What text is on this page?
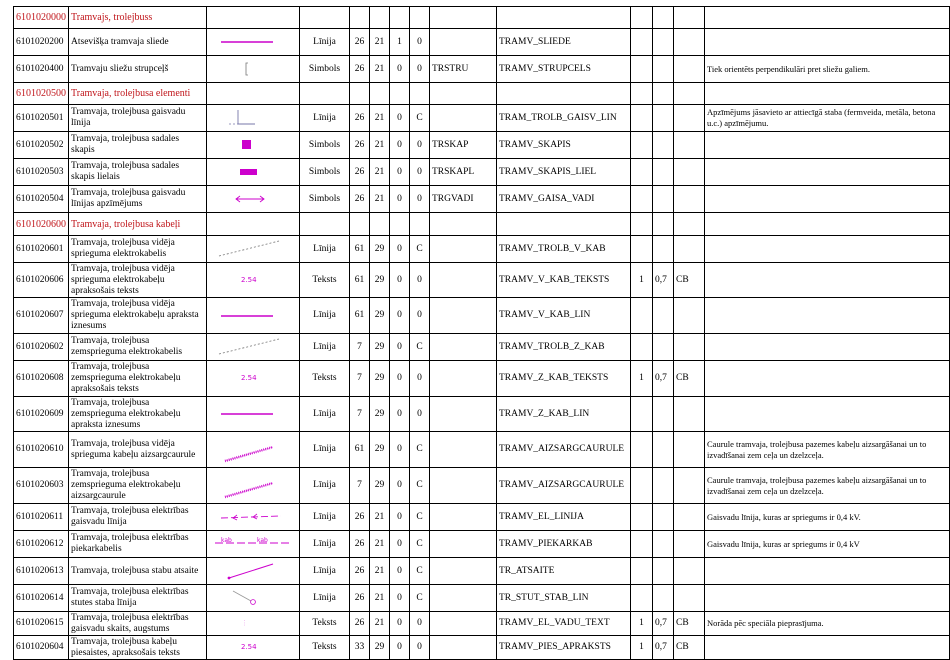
6101020000	Tramvajs, trolejbuss												
6101020200	Atsevišķa tramvaja sliede		Līnija	26	21	1	0		TRAMV_SLIEDE				
6101020400	Tramvaju sliežu strupceļš		Simbols	26	21	0	0	TRSTRU	TRAMV_STRUPCELS				Tiek orientēts perpendikulāri pret sliežu galiem.
6101020500	Tramvaja, trolejbusa elementi												
6101020501	Tramvaja, trolejbusa gaisvadu līnija		Līnija	26	21	0	C		TRAM_TROLB_GAISV_LIN				Apzīmējums jāsavieto ar attiecīgā staba (fermveida, metāla, betona u.c.) apzīmējumu.
6101020502	Tramvaja, trolejbusa sadales skapis		Simbols	26	21	0	0	TRSKAP	TRAMV_SKAPIS				
6101020503	Tramvaja, trolejbusa sadales skapis lielais		Simbols	26	21	0	0	TRSKAPL	TRAMV_SKAPIS_LIEL				
6101020504	Tramvaja, trolejbusa gaisvadu līnijas apzīmējums		Simbols	26	21	0	0	TRGVADI	TRAMV_GAISA_VADI				
6101020600	Tramvaja, trolejbusa kabeļi												
6101020601	Tramvaja, trolejbusa vidēja sprieguma elektrokabelis		Līnija	61	29	0	C		TRAMV_TROLB_V_KAB				
6101020606	Tramvaja, trolejbusa vidēja sprieguma elektrokabeļu apraksošais teksts	2.54	Teksts	61	29	0	0		TRAMV_V_KAB_TEKSTS	1	0,7	CB	
6101020607	Tramvaja, trolejbusa vidēja sprieguma elektrokabeļu apraksta iznesums		Līnija	61	29	0	0		TRAMV_V_KAB_LIN				
6101020602	Tramvaja, trolejbusa zemsprieguma elektrokabelis		Līnija	7	29	0	C		TRAMV_TROLB_Z_KAB				
6101020608	Tramvaja, trolejbusa zemsprieguma elektrokabeļu apraksošais teksts	2.54	Teksts	7	29	0	0		TRAMV_Z_KAB_TEKSTS	1	0,7	CB	
6101020609	Tramvaja, trolejbusa zemsprieguma elektrokabeļu apraksta iznesums		Līnija	7	29	0	0		TRAMV_Z_KAB_LIN				
6101020610	Tramvaja, trolejbusa vidēja sprieguma kabeļu aizsargcaurule		Līnija	61	29	0	C		TRAMV_AIZSARGCAURULE				Caurule tramvaja, trolejbusa pazemes kabeļu aizsargāšanai un to izvadīšanai zem ceļa un dzelzceļa.
6101020603	Tramvaja, trolejbusa zemsprieguma elektrokabeļu aizsargcaurule		Līnija	7	29	0	C		TRAMV_AIZSARGCAURULE				Caurule tramvaja, trolejbusa pazemes kabeļu aizsargāšanai un to izvadīšanai zem ceļa un dzelzceļa.
6101020611	Tramvaja, trolejbusa elektrības gaisvadu līnija		Līnija	26	21	0	C		TRAMV_EL_LINIJA				Gaisvadu līnija, kuras ar spriegums ir 0,4 kV.
6101020612	Tramvaja, trolejbusa elektrības piekarkabelis	kab kab	Līnija	26	21	0	C		TRAMV_PIEKARKAB				Gaisvadu līnija, kuras ar spriegums ir 0,4 kV
6101020613	Tramvaja, trolejbusa stabu atsaite		Līnija	26	21	0	C		TR_ATSAITE				
6101020614	Tramvaja, trolejbusa elektrības stutes staba līnija		Līnija	26	21	0	C		TR_STUT_STAB_LIN				
6101020615	Tramvaja, trolejbusa elektrības gaisvadu skaits, augstums	⋮	Teksts	26	21	0	0		TRAMV_EL_VADU_TEXT	1	0,7	CB	Norāda pēc speciāla pieprasījuma.
6101020604	Tramvaja, trolejbusa kabeļu piesaistes, apraksošais teksts	2.54	Teksts	33	29	0	0		TRAMV_PIES_APRAKSTS	1	0,7	CB	
